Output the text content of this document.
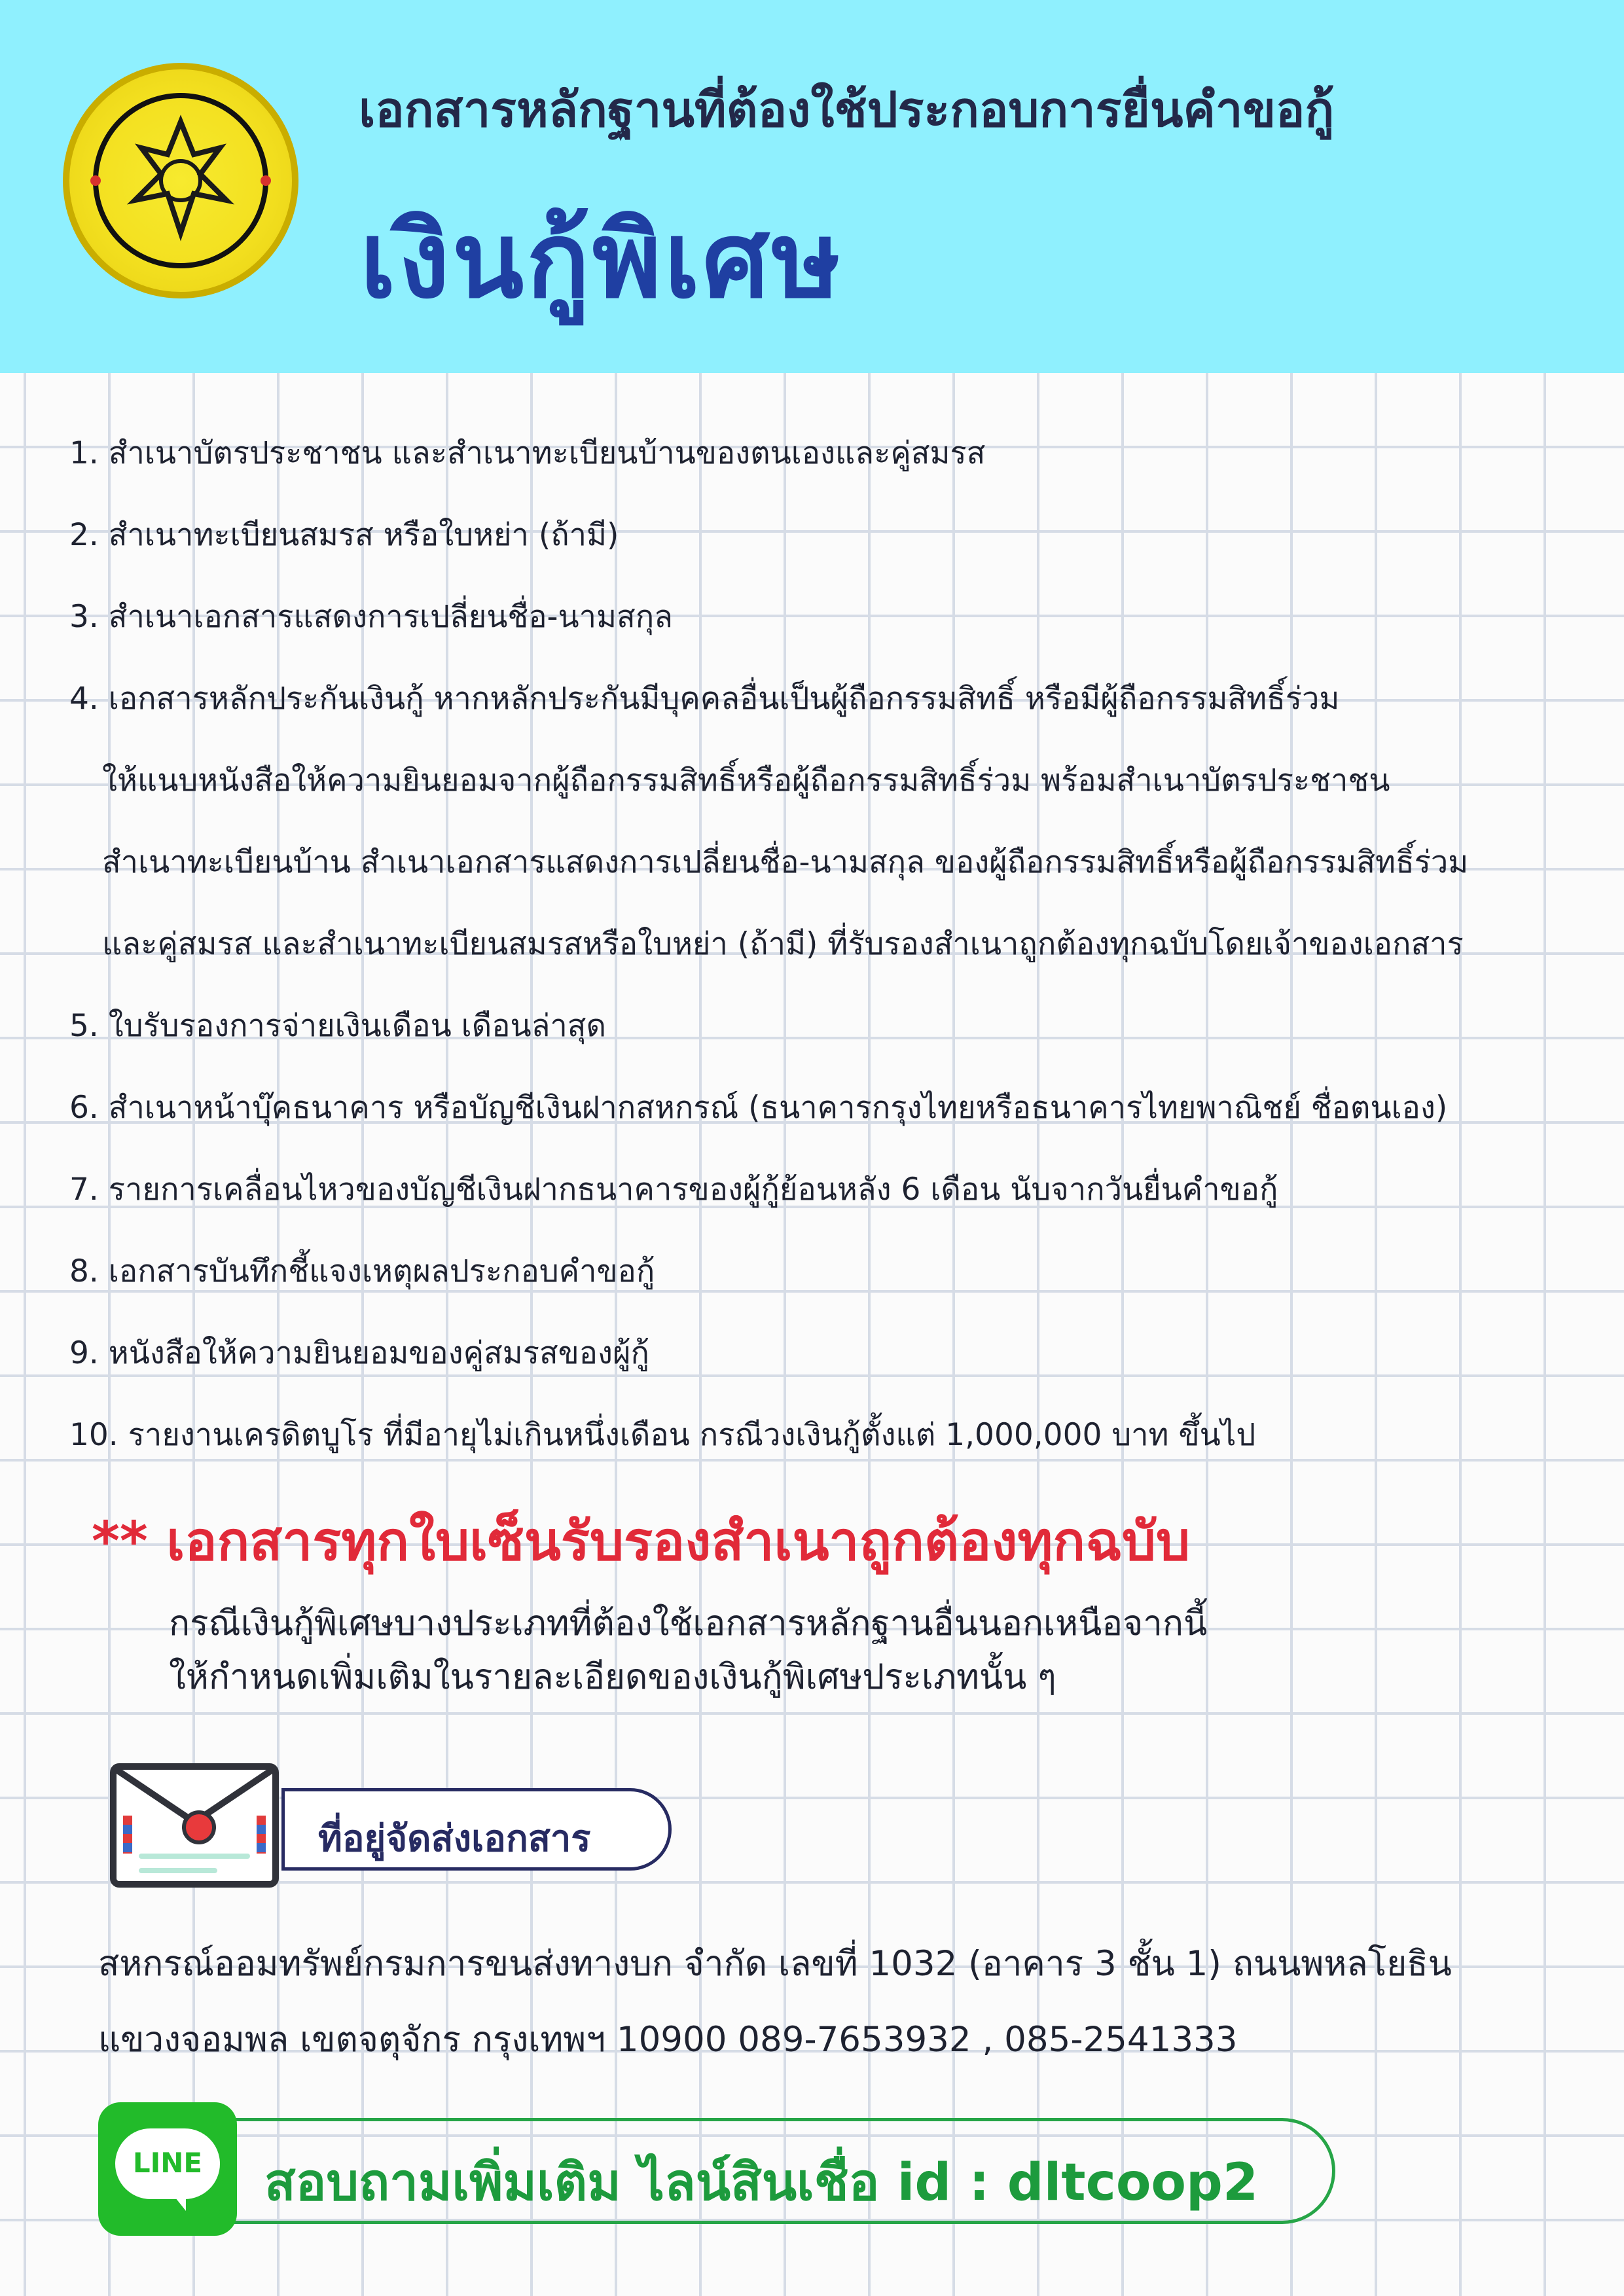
เอกสารหลักฐานที่ต้องใช้ประกอบการยื่นคำขอกู้
เงินกู้พิเศษ
1. สำเนาบัตรประชาชน และสำเนาทะเบียนบ้านของตนเองและคู่สมรส
2. สำเนาทะเบียนสมรส หรือใบหย่า (ถ้ามี)
3. สำเนาเอกสารแสดงการเปลี่ยนชื่อ-นามสกุล
4. เอกสารหลักประกันเงินกู้ หากหลักประกันมีบุคคลอื่นเป็นผู้ถือกรรมสิทธิ์ หรือมีผู้ถือกรรมสิทธิ์ร่วม
ให้แนบหนังสือให้ความยินยอมจากผู้ถือกรรมสิทธิ์หรือผู้ถือกรรมสิทธิ์ร่วม พร้อมสำเนาบัตรประชาชน
สำเนาทะเบียนบ้าน สำเนาเอกสารแสดงการเปลี่ยนชื่อ-นามสกุล ของผู้ถือกรรมสิทธิ์หรือผู้ถือกรรมสิทธิ์ร่วม
และคู่สมรส และสำเนาทะเบียนสมรสหรือใบหย่า (ถ้ามี) ที่รับรองสำเนาถูกต้องทุกฉบับโดยเจ้าของเอกสาร
5. ใบรับรองการจ่ายเงินเดือน เดือนล่าสุด
6. สำเนาหน้าบุ๊คธนาคาร หรือบัญชีเงินฝากสหกรณ์ (ธนาคารกรุงไทยหรือธนาคารไทยพาณิชย์ ชื่อตนเอง)
7. รายการเคลื่อนไหวของบัญชีเงินฝากธนาคารของผู้กู้ย้อนหลัง 6 เดือน นับจากวันยื่นคำขอกู้
8. เอกสารบันทึกชี้แจงเหตุผลประกอบคำขอกู้
9. หนังสือให้ความยินยอมของคู่สมรสของผู้กู้
10. รายงานเครดิตบูโร ที่มีอายุไม่เกินหนึ่งเดือน กรณีวงเงินกู้ตั้งแต่ 1,000,000 บาท ขึ้นไป
** เอกสารทุกใบเซ็นรับรองสำเนาถูกต้องทุกฉบับ
กรณีเงินกู้พิเศษบางประเภทที่ต้องใช้เอกสารหลักฐานอื่นนอกเหนือจากนี้
ให้กำหนดเพิ่มเติมในรายละเอียดของเงินกู้พิเศษประเภทนั้น ๆ
ที่อยู่จัดส่งเอกสาร
สหกรณ์ออมทรัพย์กรมการขนส่งทางบก จำกัด เลขที่ 1032 (อาคาร 3 ชั้น 1) ถนนพหลโยธิน
แขวงจอมพล เขตจตุจักร กรุงเทพฯ 10900 089-7653932 , 085-2541333
LINE	สอบถามเพิ่มเติม ไลน์สินเชื่อ id : dltcoop2
